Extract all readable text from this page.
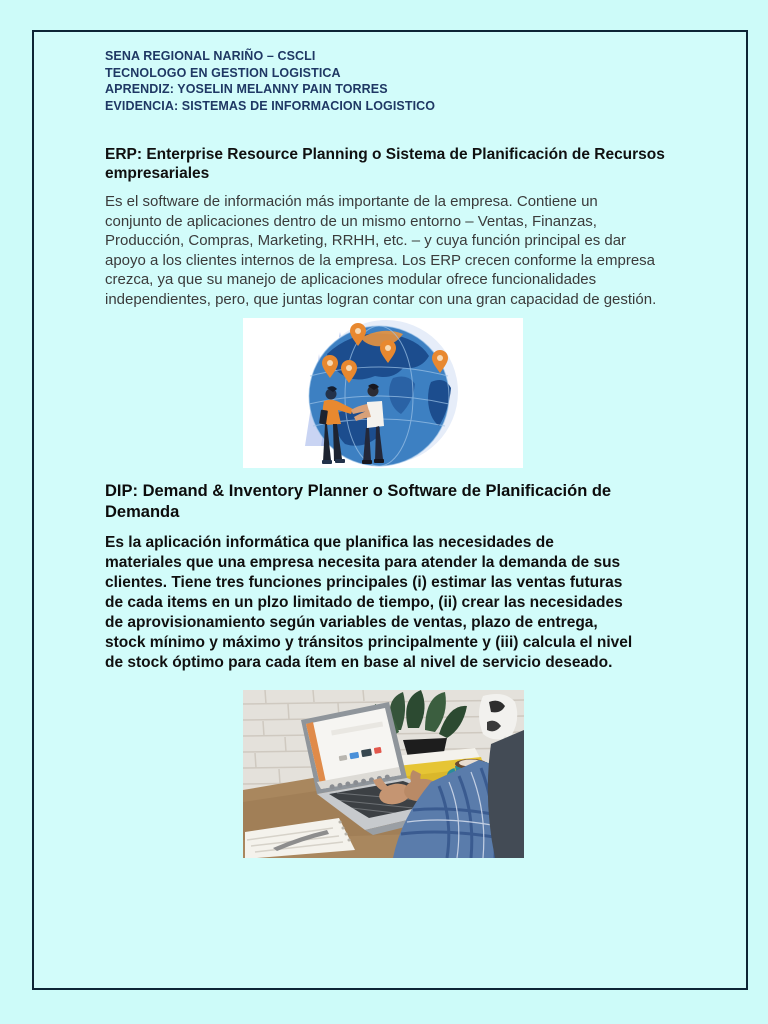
SENA REGIONAL NARIÑO – CSCLI
TECNOLOGO EN GESTION LOGISTICA
APRENDIZ: YOSELIN MELANNY PAIN TORRES
EVIDENCIA: SISTEMAS DE INFORMACION LOGISTICO
ERP: Enterprise Resource Planning o Sistema de Planificación de Recursos
empresariales
Es el software de información más importante de la empresa. Contiene un
conjunto de aplicaciones dentro de un mismo entorno – Ventas, Finanzas,
Producción, Compras, Marketing, RRHH, etc. – y cuya función principal es dar
apoyo a los clientes internos de la empresa. Los ERP crecen conforme la empresa
crezca, ya que su manejo de aplicaciones modular ofrece funcionalidades
independientes, pero, que juntas logran contar con una gran capacidad de gestión.
DIP: Demand & Inventory Planner o Software de Planificación de
Demanda
Es la aplicación informática que planifica las necesidades de
materiales que una empresa necesita para atender la demanda de sus
clientes. Tiene tres funciones principales (i) estimar las ventas futuras
de cada items en un plzo limitado de tiempo, (ii) crear las necesidades
de aprovisionamiento según variables de ventas, plazo de entrega,
stock mínimo y máximo y tránsitos principalmente y (iii) calcula el nivel
de stock óptimo para cada ítem en base al nivel de servicio deseado.
